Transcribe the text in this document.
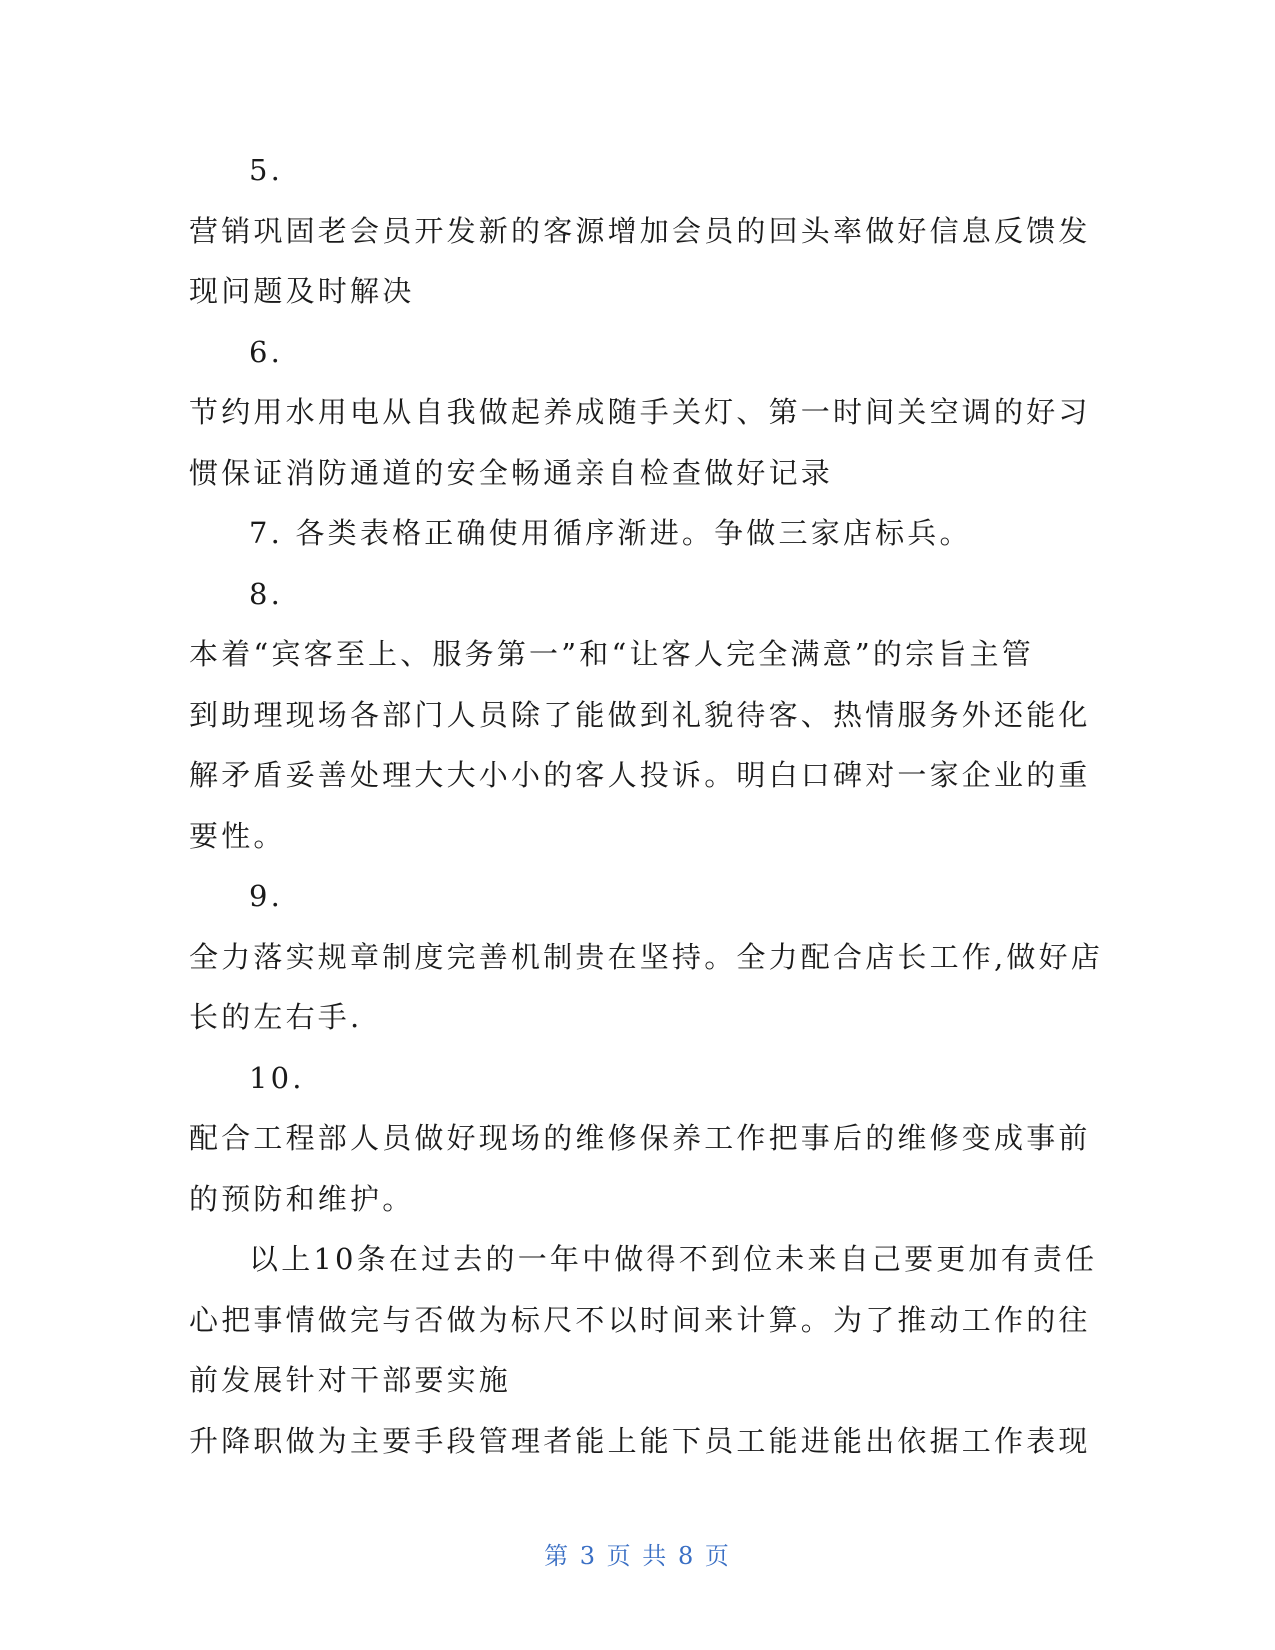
5.
营销巩固老会员开发新的客源增加会员的回头率做好信息反馈发
现问题及时解决
6.
节约用水用电从自我做起养成随手关灯、第一时间关空调的好习
惯保证消防通道的安全畅通亲自检查做好记录
7. 各类表格正确使用循序渐进。争做三家店标兵。
8.
本着“宾客至上、服务第一”和“让客人完全满意”的宗旨主管
到助理现场各部门人员除了能做到礼貌待客、热情服务外还能化
解矛盾妥善处理大大小小的客人投诉。明白口碑对一家企业的重
要性。
9.
全力落实规章制度完善机制贵在坚持。全力配合店长工作,做好店
长的左右手.
10.
配合工程部人员做好现场的维修保养工作把事后的维修变成事前
的预防和维护。
以上10条在过去的一年中做得不到位未来自己要更加有责任
心把事情做完与否做为标尺不以时间来计算。为了推动工作的往
前发展针对干部要实施
升降职做为主要手段管理者能上能下员工能进能出依据工作表现
第 3 页 共 8 页
